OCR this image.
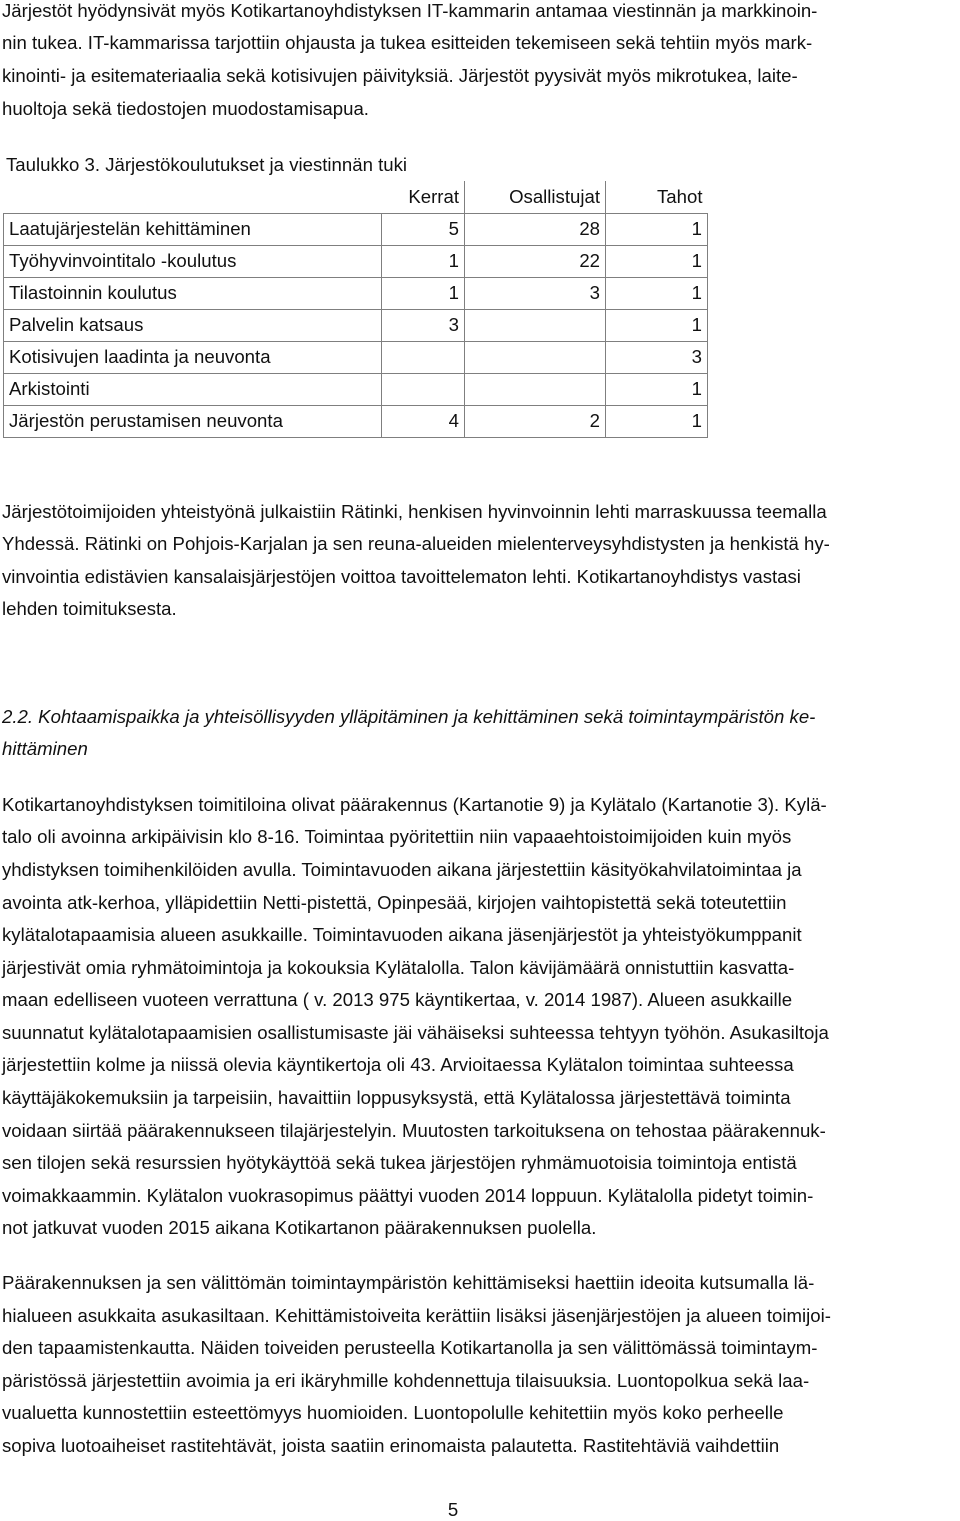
Järjestöt hyödynsivät myös Kotikartanoyhdistyksen IT-kammarin antamaa viestinnän ja markkinoin-

nin tukea. IT-kammarissa tarjottiin ohjausta ja tukea esitteiden tekemiseen sekä tehtiin myös mark-

kinointi- ja esitemateriaalia sekä kotisivujen päivityksiä. Järjestöt pyysivät myös mikrotukea, laite-

huoltoja sekä tiedostojen muodostamisapua.

Taulukko 3. Järjestökoulutukset ja viestinnän tuki

	Kerrat	Osallistujat	Tahot
Laatujärjestelän kehittäminen	5	28	1
Työhyvinvointitalo -koulutus	1	22	1
Tilastoinnin koulutus	1	3	1
Palvelin katsaus	3		1
Kotisivujen laadinta ja neuvonta			3
Arkistointi			1
Järjestön perustamisen neuvonta	4	2	1

Järjestötoimijoiden yhteistyönä julkaistiin Rätinki, henkisen hyvinvoinnin lehti marraskuussa teemalla

Yhdessä. Rätinki on Pohjois-Karjalan ja sen reuna-alueiden mielenterveysyhdistysten ja henkistä hy-

vinvointia edistävien kansalaisjärjestöjen voittoa tavoittelematon lehti. Kotikartanoyhdistys vastasi

lehden toimituksesta.

2.2. Kohtaamispaikka ja yhteisöllisyyden ylläpitäminen ja kehittäminen sekä toimintaympäristön ke-

hittäminen

Kotikartanoyhdistyksen toimitiloina olivat päärakennus (Kartanotie 9) ja Kylätalo (Kartanotie 3). Kylä-

talo oli avoinna arkipäivisin klo 8-16. Toimintaa pyöritettiin niin vapaaehtoistoimijoiden kuin myös

yhdistyksen toimihenkilöiden avulla. Toimintavuoden aikana järjestettiin käsityökahvilatoimintaa ja

avointa atk-kerhoa, ylläpidettiin Netti-pistettä, Opinpesää, kirjojen vaihtopistettä sekä toteutettiin

kylätalotapaamisia alueen asukkaille. Toimintavuoden aikana jäsenjärjestöt ja yhteistyökumppanit

järjestivät omia ryhmätoimintoja ja kokouksia Kylätalolla. Talon kävijämäärä onnistuttiin kasvatta-

maan edelliseen vuoteen verrattuna ( v. 2013 975 käyntikertaa, v. 2014 1987). Alueen asukkaille

suunnatut kylätalotapaamisien osallistumisaste jäi vähäiseksi suhteessa tehtyyn työhön. Asukasiltoja

järjestettiin kolme ja niissä olevia käyntikertoja oli 43. Arvioitaessa Kylätalon toimintaa suhteessa

käyttäjäkokemuksiin ja tarpeisiin, havaittiin loppusyksystä, että Kylätalossa järjestettävä toiminta

voidaan siirtää päärakennukseen tilajärjestelyin. Muutosten tarkoituksena on tehostaa päärakennuk-

sen tilojen sekä resurssien hyötykäyttöä sekä tukea järjestöjen ryhmämuotoisia toimintoja entistä

voimakkaammin. Kylätalon vuokrasopimus päättyi vuoden 2014 loppuun. Kylätalolla pidetyt toimin-

not jatkuvat vuoden 2015 aikana Kotikartanon päärakennuksen puolella.

Päärakennuksen ja sen välittömän toimintaympäristön kehittämiseksi haettiin ideoita kutsumalla lä-

hialueen asukkaita asukasiltaan. Kehittämistoiveita kerättiin lisäksi jäsenjärjestöjen ja alueen toimijoi-

den tapaamistenkautta. Näiden toiveiden perusteella Kotikartanolla ja sen välittömässä toimintaym-

päristössä järjestettiin avoimia ja eri ikäryhmille kohdennettuja tilaisuuksia. Luontopolkua sekä laa-

vualuetta kunnostettiin esteettömyys huomioiden. Luontopolulle kehitettiin myös koko perheelle

sopiva luotoaiheiset rastitehtävät, joista saatiin erinomaista palautetta. Rastitehtäviä vaihdettiin

5
